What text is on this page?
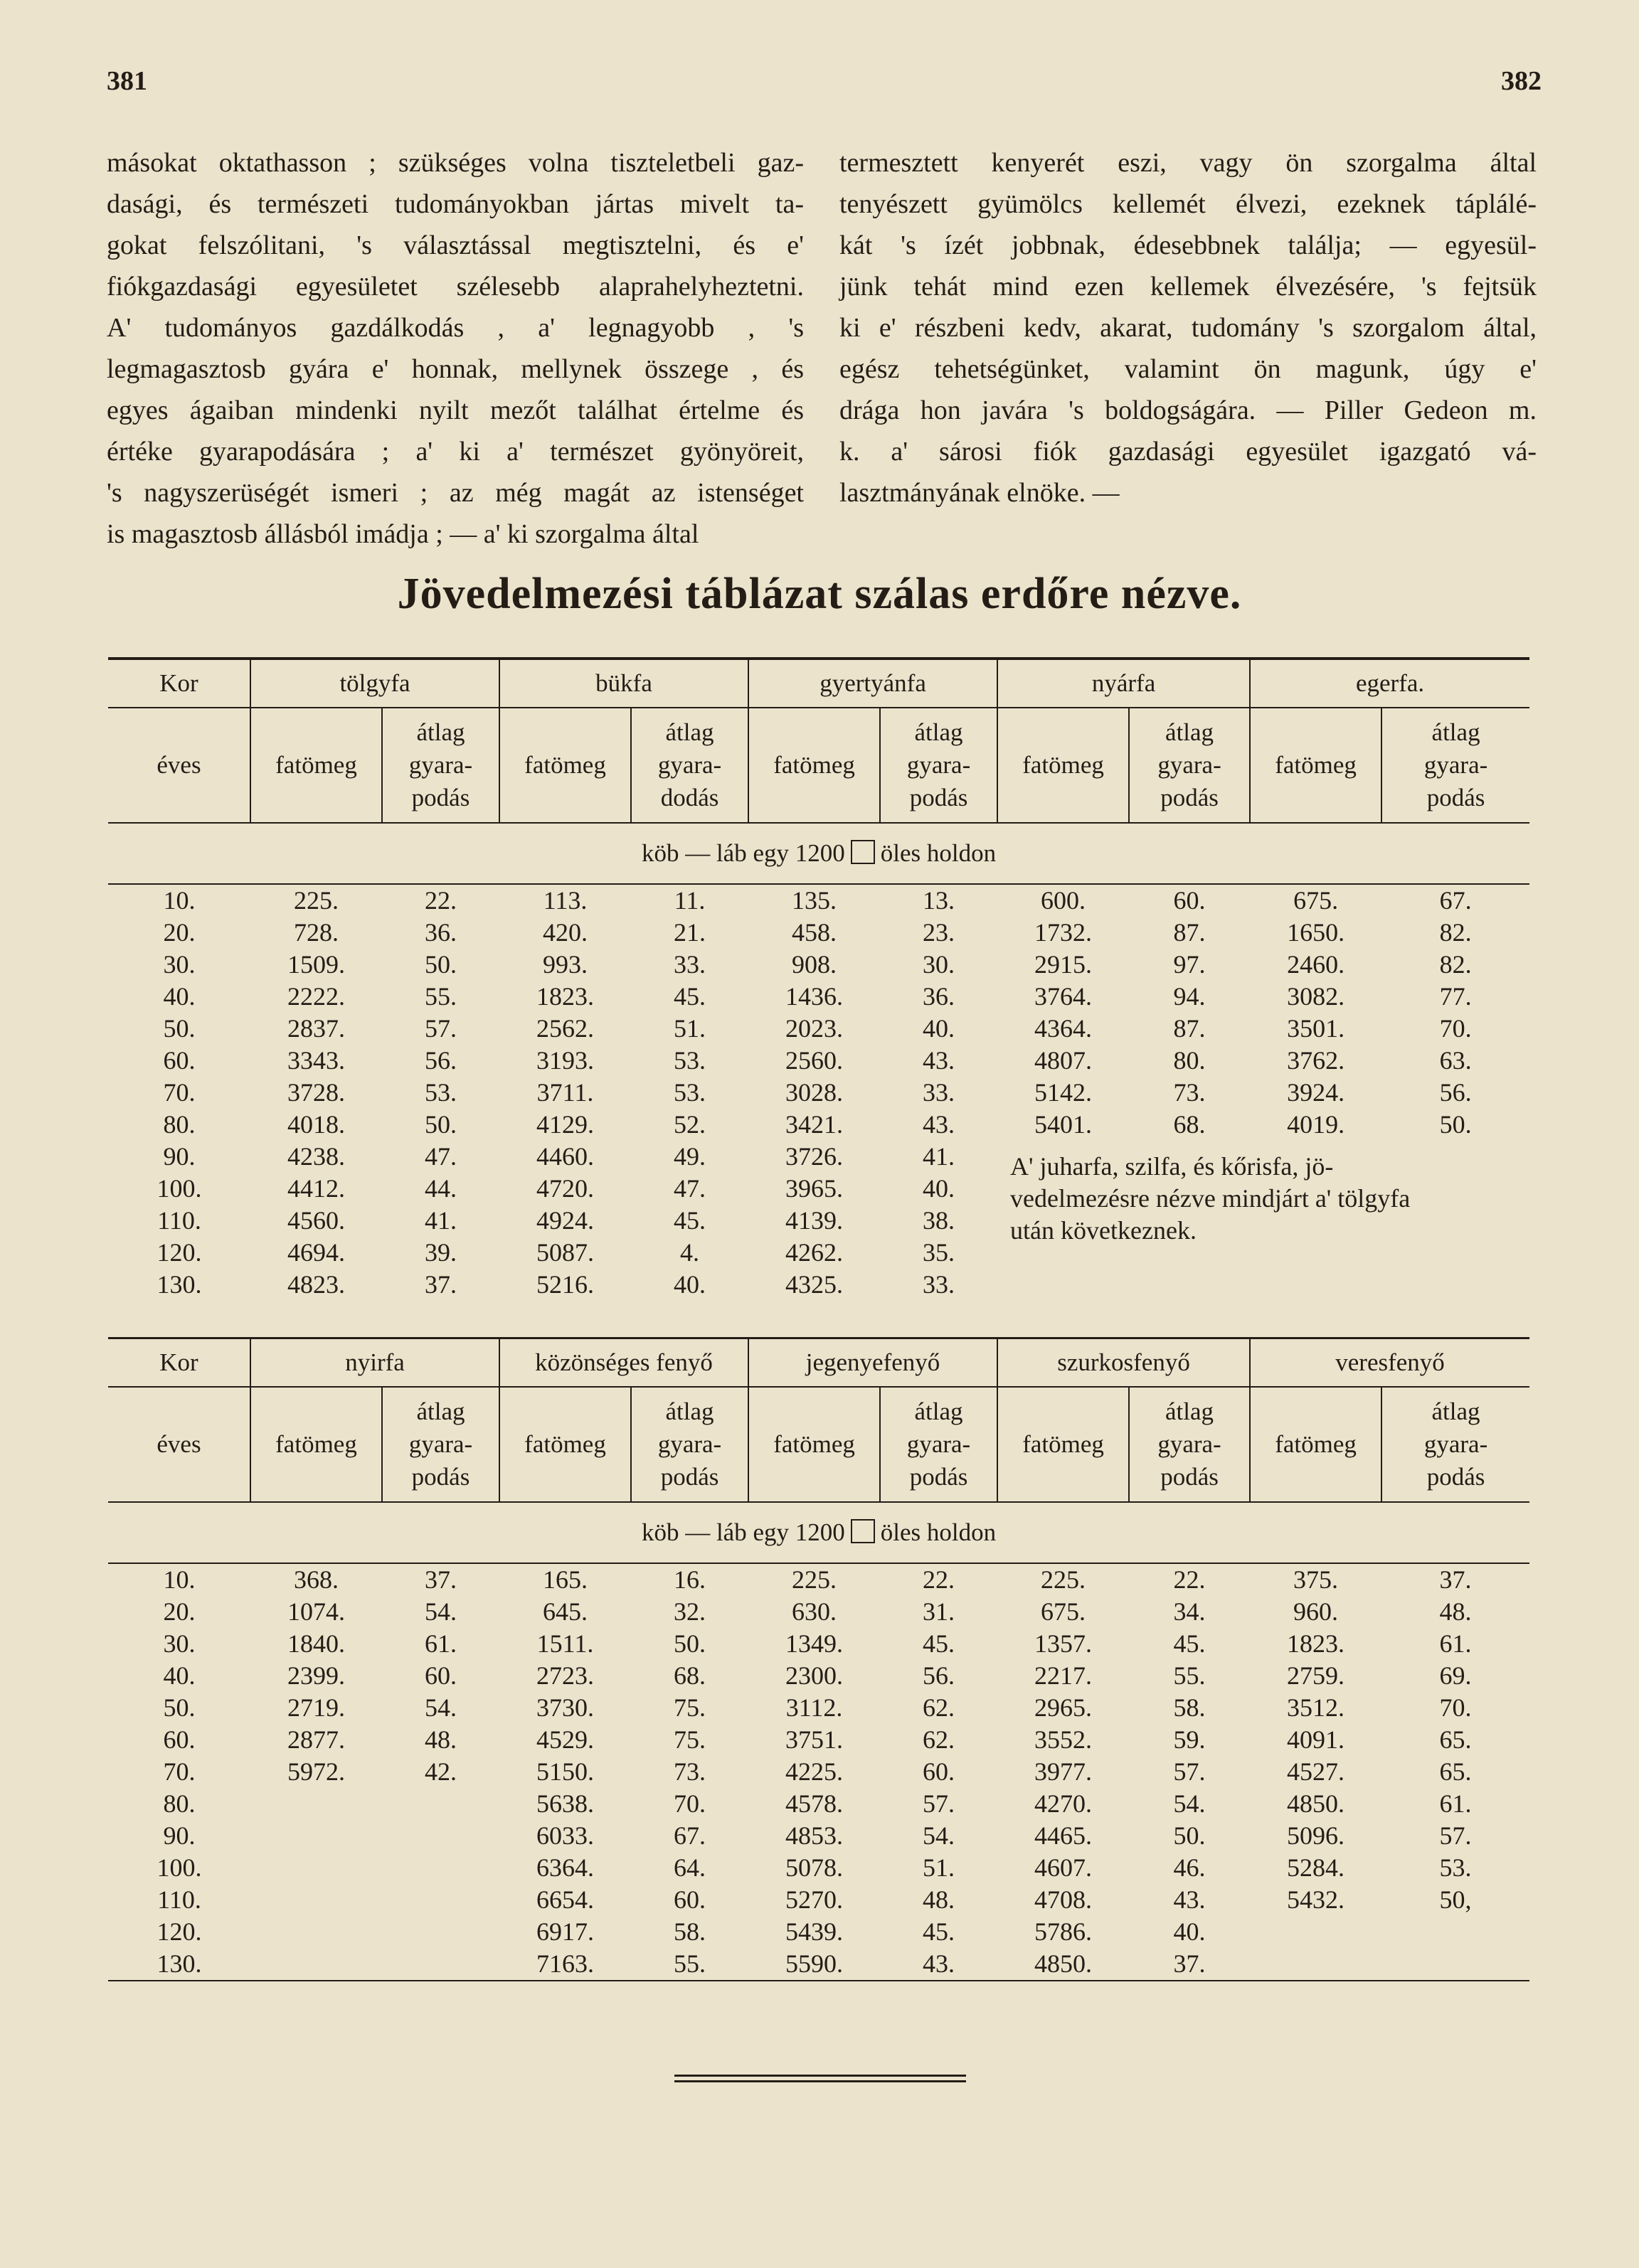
381	382
másokat oktathasson ; szükséges volna tiszteletbeli gaz-
dasági, és természeti tudományokban jártas mivelt ta-
gokat felszólitani, 's választással megtisztelni, és e'
fiókgazdasági egyesületet szélesebb alaprahelyheztetni.
A' tudományos gazdálkodás , a' legnagyobb , 's
legmagasztosb gyára e' honnak, mellynek összege , és
egyes ágaiban mindenki nyilt mezőt találhat értelme és
értéke gyarapodására ; a' ki a' természet gyönyöreit,
's nagyszerüségét ismeri ; az még magát az istenséget
is magasztosb állásból imádja ; — a' ki szorgalma által
termesztett kenyerét eszi, vagy ön szorgalma által
tenyészett gyümölcs kellemét élvezi, ezeknek táplálé-
kát 's ízét jobbnak, édesebbnek találja; — egyesül-
jünk tehát mind ezen kellemek élvezésére, 's fejtsük
ki e' részbeni kedv, akarat, tudomány 's szorgalom által,
egész tehetségünket, valamint ön magunk, úgy e'
drága hon javára 's boldogságára. — Piller Gedeon m.
k. a' sárosi fiók gazdasági egyesület igazgató vá-
lasztmányának elnöke. —
Jövedelmezési táblázat szálas erdőre nézve.
Kor	tölgyfa		bükfa		gyertyánfa		nyárfa		egerfa.	
éves	fatömeg	átlag
gyara-
podás	fatömeg	átlag
gyara-
dodás	fatömeg	átlag
gyara-
podás	fatömeg	átlag
gyara-
podás	fatömeg	átlag
gyara-
podás
köb — láb egy 1200 öles holdon										
10.	225.	22.	113.	11.	135.	13.	600.	60.	675.	67.
20.	728.	36.	420.	21.	458.	23.	1732.	87.	1650.	82.
30.	1509.	50.	993.	33.	908.	30.	2915.	97.	2460.	82.
40.	2222.	55.	1823.	45.	1436.	36.	3764.	94.	3082.	77.
50.	2837.	57.	2562.	51.	2023.	40.	4364.	87.	3501.	70.
60.	3343.	56.	3193.	53.	2560.	43.	4807.	80.	3762.	63.
70.	3728.	53.	3711.	53.	3028.	33.	5142.	73.	3924.	56.
80.	4018.	50.	4129.	52.	3421.	43.	5401.	68.	4019.	50.
90.	4238.	47.	4460.	49.	3726.	41.	A' juharfa, szilfa, és kőrisfa, jö-
vedelmezésre nézve mindjárt a' tölgyfa
után következnek.			

100.	4412.	44.	4720.	47.	3965.	40.				
110.	4560.	41.	4924.	45.	4139.	38.				
120.	4694.	39.	5087.	4.	4262.	35.				
130.	4823.	37.	5216.	40.	4325.	33.				
Kor	nyirfa		közönséges fenyő		jegenyefenyő		szurkosfenyő		veresfenyő	
éves	fatömeg	átlag
gyara-
podás	fatömeg	átlag
gyara-
podás	fatömeg	átlag
gyara-
podás	fatömeg	átlag
gyara-
podás	fatömeg	átlag
gyara-
podás
köb — láb egy 1200 öles holdon										
10.	368.	37.	165.	16.	225.	22.	225.	22.	375.	37.
20.	1074.	54.	645.	32.	630.	31.	675.	34.	960.	48.
30.	1840.	61.	1511.	50.	1349.	45.	1357.	45.	1823.	61.
40.	2399.	60.	2723.	68.	2300.	56.	2217.	55.	2759.	69.
50.	2719.	54.	3730.	75.	3112.	62.	2965.	58.	3512.	70.
60.	2877.	48.	4529.	75.	3751.	62.	3552.	59.	4091.	65.
70.	5972.	42.	5150.	73.	4225.	60.	3977.	57.	4527.	65.
80.			5638.	70.	4578.	57.	4270.	54.	4850.	61.
90.			6033.	67.	4853.	54.	4465.	50.	5096.	57.
100.			6364.	64.	5078.	51.	4607.	46.	5284.	53.
110.			6654.	60.	5270.	48.	4708.	43.	5432.	50,
120.			6917.	58.	5439.	45.	5786.	40.		
130.			7163.	55.	5590.	43.	4850.	37.		
